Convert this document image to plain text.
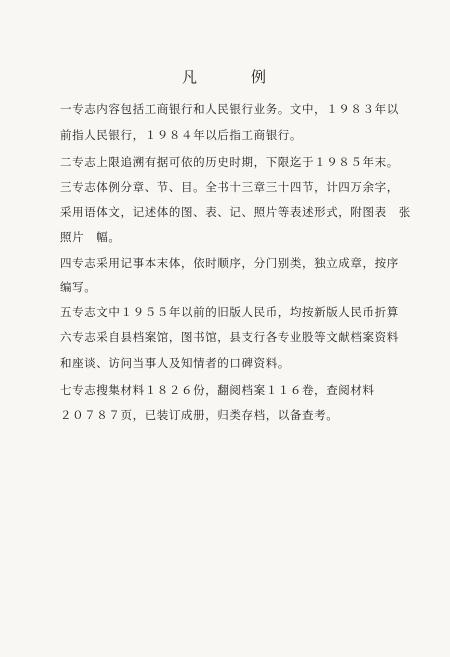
凡	例
一专志内容包括工商银行和人民银行业务。文中，１９８３年以
前指人民银行，１９８４年以后指工商银行。
二专志上限追溯有据可依的历史时期，下限迄于１９８５年末。
三专志体例分章、节、目。全书十三章三十四节，计四万余字，
采用语体文，记述体的图、表、记、照片等表述形式，附图表　张
照片　幅。
四专志采用记事本末体，依时顺序，分门别类，独立成章，按序
编写。
五专志文中１９５５年以前的旧版人民币，均按新版人民币折算
六专志采自县档案馆，图书馆，县支行各专业股等文献档案资料
和座谈、访问当事人及知情者的口碑资料。
七专志搜集材料１８２６份，翻阅档案１１６卷，查阅材料
２０７８７页，已装订成册，归类存档，以备查考。
